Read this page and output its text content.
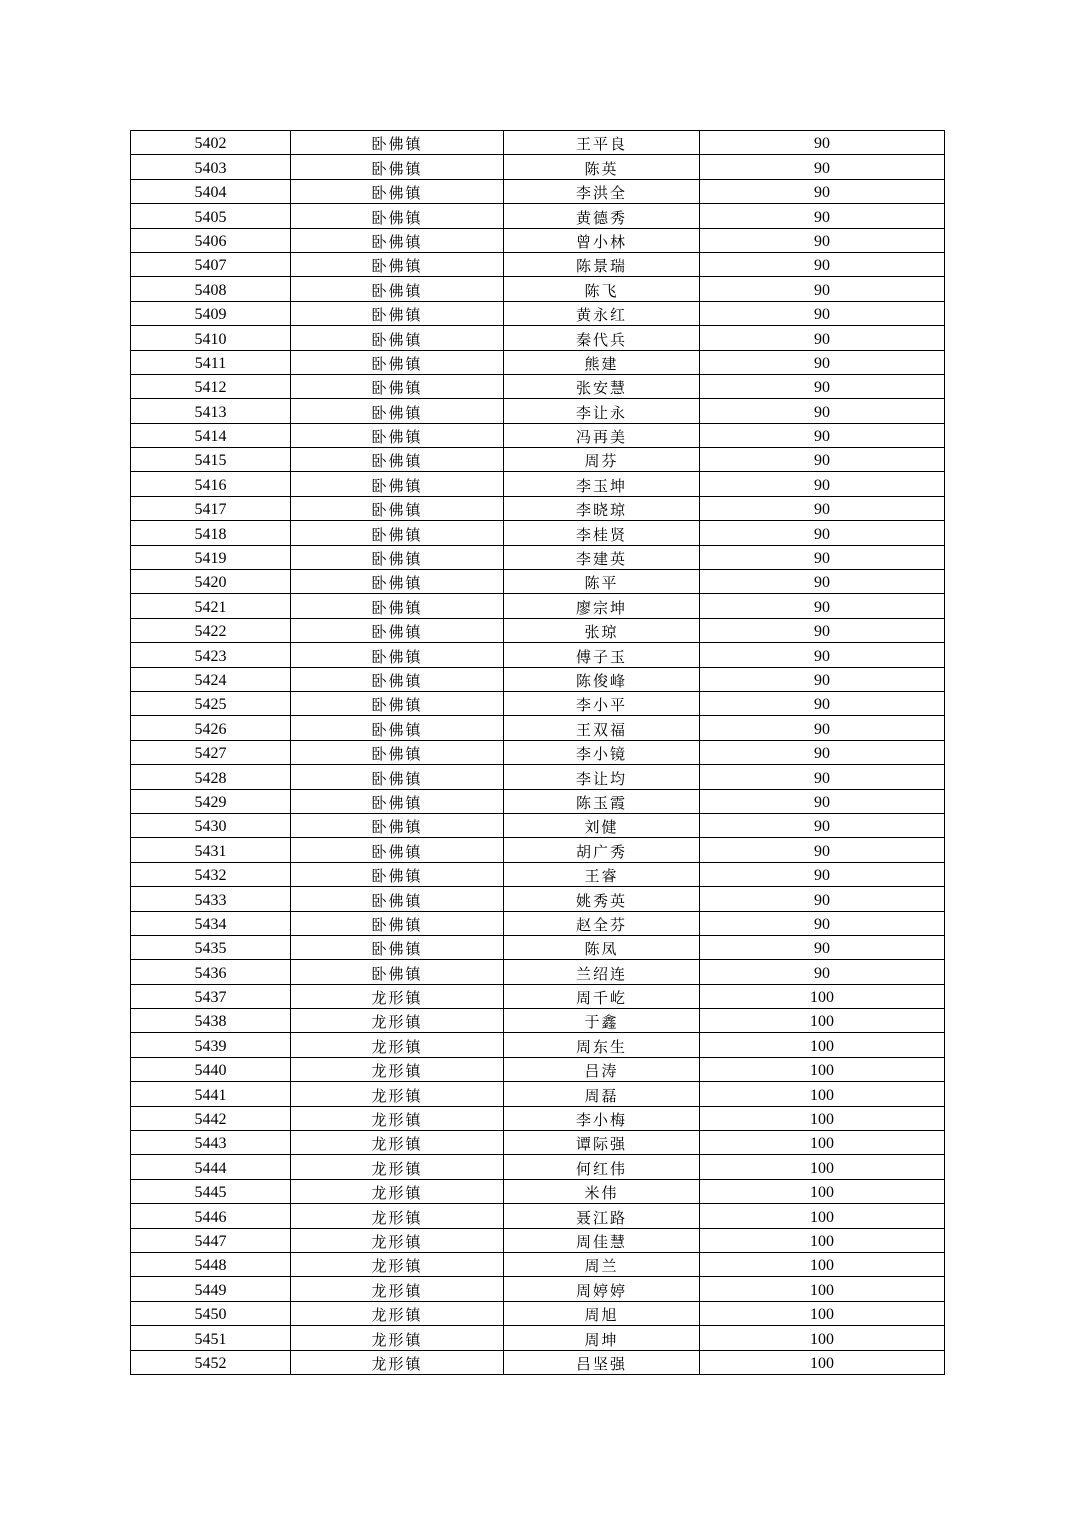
5402	卧佛镇	王平良	90
5403	卧佛镇	陈英	90
5404	卧佛镇	李洪全	90
5405	卧佛镇	黄德秀	90
5406	卧佛镇	曾小林	90
5407	卧佛镇	陈景瑞	90
5408	卧佛镇	陈飞	90
5409	卧佛镇	黄永红	90
5410	卧佛镇	秦代兵	90
5411	卧佛镇	熊建	90
5412	卧佛镇	张安慧	90
5413	卧佛镇	李让永	90
5414	卧佛镇	冯再美	90
5415	卧佛镇	周芬	90
5416	卧佛镇	李玉坤	90
5417	卧佛镇	李晓琼	90
5418	卧佛镇	李桂贤	90
5419	卧佛镇	李建英	90
5420	卧佛镇	陈平	90
5421	卧佛镇	廖宗坤	90
5422	卧佛镇	张琼	90
5423	卧佛镇	傅子玉	90
5424	卧佛镇	陈俊峰	90
5425	卧佛镇	李小平	90
5426	卧佛镇	王双福	90
5427	卧佛镇	李小镜	90
5428	卧佛镇	李让均	90
5429	卧佛镇	陈玉霞	90
5430	卧佛镇	刘健	90
5431	卧佛镇	胡广秀	90
5432	卧佛镇	王睿	90
5433	卧佛镇	姚秀英	90
5434	卧佛镇	赵全芬	90
5435	卧佛镇	陈凤	90
5436	卧佛镇	兰绍连	90
5437	龙形镇	周千屹	100
5438	龙形镇	于鑫	100
5439	龙形镇	周东生	100
5440	龙形镇	吕涛	100
5441	龙形镇	周磊	100
5442	龙形镇	李小梅	100
5443	龙形镇	谭际强	100
5444	龙形镇	何红伟	100
5445	龙形镇	米伟	100
5446	龙形镇	聂江路	100
5447	龙形镇	周佳慧	100
5448	龙形镇	周兰	100
5449	龙形镇	周婷婷	100
5450	龙形镇	周旭	100
5451	龙形镇	周坤	100
5452	龙形镇	吕坚强	100
